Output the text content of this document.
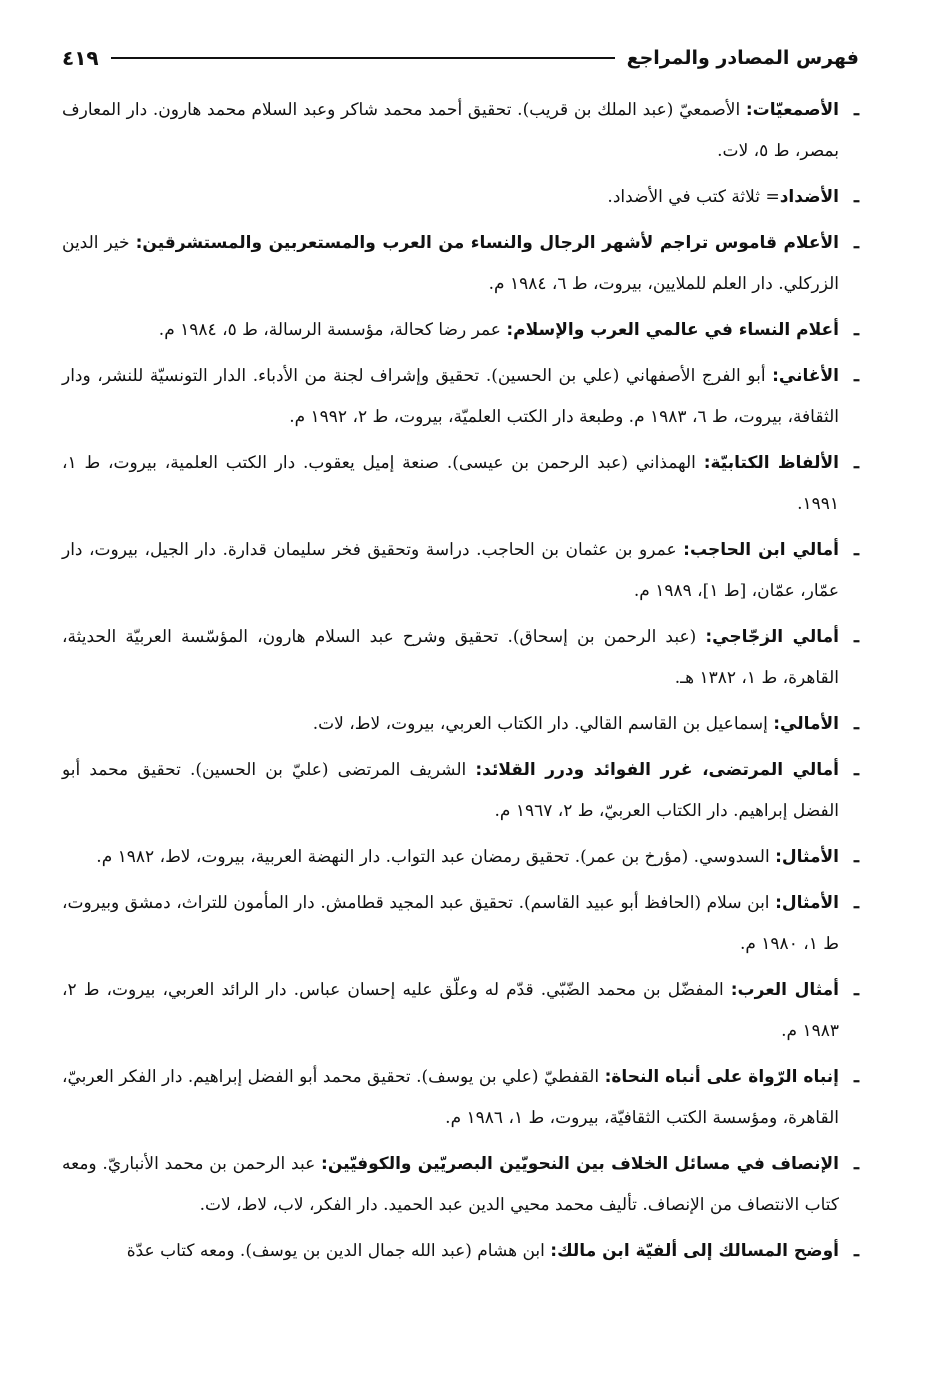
فهرس المصادر والمراجع
٤١٩
ـ
الأصمعيّات: الأصمعيّ (عبد الملك بن قريب). تحقيق أحمد محمد شاكر وعبد السلام محمد هارون. دار المعارف بمصر، ط ٥، لات.
ـ
الأضداد= ثلاثة كتب في الأضداد.
ـ
الأعلام قاموس تراجم لأشهر الرجال والنساء من العرب والمستعربين والمستشرقين: خير الدين الزركلي. دار العلم للملايين، بيروت، ط ٦، ١٩٨٤ م.
ـ
أعلام النساء في عالمي العرب والإسلام: عمر رضا كحالة، مؤسسة الرسالة، ط ٥، ١٩٨٤ م.
ـ
الأغاني: أبو الفرج الأصفهاني (علي بن الحسين). تحقيق وإشراف لجنة من الأدباء. الدار التونسيّة للنشر، ودار الثقافة، بيروت، ط ٦، ١٩٨٣ م. وطبعة دار الكتب العلميّة، بيروت، ط ٢، ١٩٩٢ م.
ـ
الألفاظ الكتابيّة: الهمذاني (عبد الرحمن بن عيسى). صنعة إميل يعقوب. دار الكتب العلمية، بيروت، ط ١، ١٩٩١.
ـ
أمالي ابن الحاجب: عمرو بن عثمان بن الحاجب. دراسة وتحقيق فخر سليمان قدارة. دار الجيل، بيروت، دار عمّار، عمّان، [ط ١]، ١٩٨٩ م.
ـ
أمالي الزجّاجي: (عبد الرحمن بن إسحاق). تحقيق وشرح عبد السلام هارون، المؤسّسة العربيّة الحديثة، القاهرة، ط ١، ١٣٨٢ هـ.
ـ
الأمالي: إسماعيل بن القاسم القالي. دار الكتاب العربي، بيروت، لاط، لات.
ـ
أمالي المرتضى، غرر الفوائد ودرر القلائد: الشريف المرتضى (عليّ بن الحسين). تحقيق محمد أبو الفضل إبراهيم. دار الكتاب العربيّ، ط ٢، ١٩٦٧ م.
ـ
الأمثال: السدوسي. (مؤرخ بن عمر). تحقيق رمضان عبد التواب. دار النهضة العربية، بيروت، لاط، ١٩٨٢ م.
ـ
الأمثال: ابن سلام (الحافظ أبو عبيد القاسم). تحقيق عبد المجيد قطامش. دار المأمون للتراث، دمشق وبيروت، ط ١، ١٩٨٠ م.
ـ
أمثال العرب: المفضّل بن محمد الضّبّي. قدّم له وعلّق عليه إحسان عباس. دار الرائد العربي، بيروت، ط ٢، ١٩٨٣ م.
ـ
إنباه الرّواة على أنباه النحاة: القفطيّ (علي بن يوسف). تحقيق محمد أبو الفضل إبراهيم. دار الفكر العربيّ، القاهرة، ومؤسسة الكتب الثقافيّة، بيروت، ط ١، ١٩٨٦ م.
ـ
الإنصاف في مسائل الخلاف بين النحويّين البصريّين والكوفيّين: عبد الرحمن بن محمد الأنباريّ. ومعه كتاب الانتصاف من الإنصاف. تأليف محمد محيي الدين عبد الحميد. دار الفكر، لاب، لاط، لات.
ـ
أوضح المسالك إلى ألفيّة ابن مالك: ابن هشام (عبد الله جمال الدين بن يوسف). ومعه كتاب عدّة
